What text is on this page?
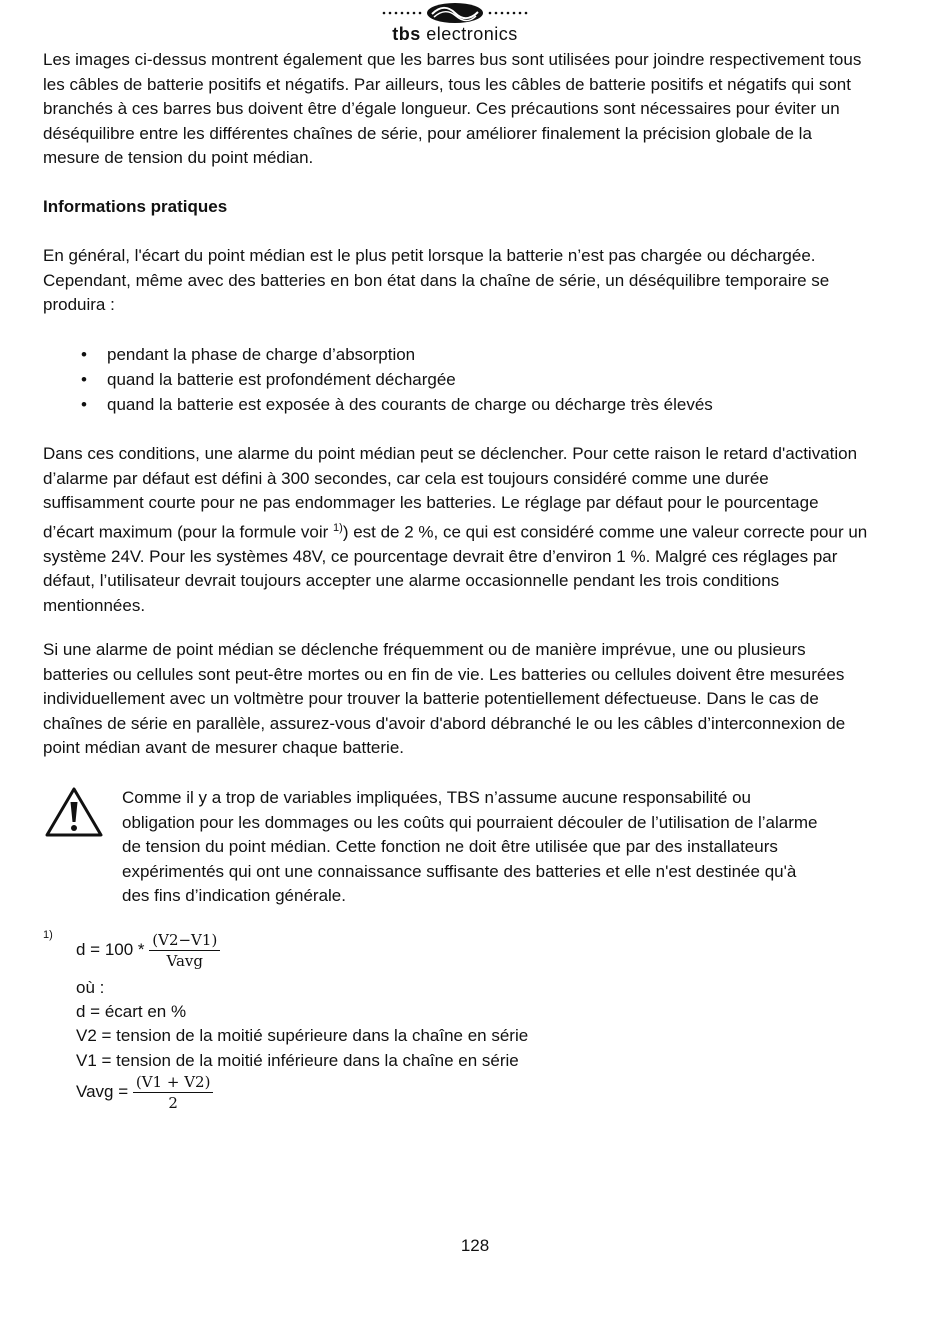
tbs electronics

Les images ci-dessus montrent également que les barres bus sont utilisées pour joindre respectivement tous les câbles de batterie positifs et négatifs. Par ailleurs, tous les câbles de batterie positifs et négatifs qui sont branchés à ces barres bus doivent être d’égale longueur. Ces précautions sont nécessaires pour éviter un déséquilibre entre les différentes chaînes de série, pour améliorer finalement la précision globale de la mesure de tension du point médian.

Informations pratiques

En général, l'écart du point médian est le plus petit lorsque la batterie n’est pas chargée ou déchargée. Cependant, même avec des batteries en bon état dans la chaîne de série, un déséquilibre temporaire se produira :

• pendant la phase de charge d’absorption
• quand la batterie est profondément déchargée
• quand la batterie est exposée à des courants de charge ou décharge très élevés

Dans ces conditions, une alarme du point médian peut se déclencher. Pour cette raison le retard d'activation d’alarme par défaut est défini à 300 secondes, car cela est toujours considéré comme une durée suffisamment courte pour ne pas endommager les batteries. Le réglage par défaut pour le pourcentage d’écart maximum (pour la formule voir $^{1)}$) est de 2 %, ce qui est considéré comme une valeur correcte pour un système 24V. Pour les systèmes 48V, ce pourcentage devrait être d’environ 1 %. Malgré ces réglages par défaut, l’utilisateur devrait toujours accepter une alarme occasionnelle pendant les trois conditions mentionnées.

Si une alarme de point médian se déclenche fréquemment ou de manière imprévue, une ou plusieurs batteries ou cellules sont peut-être mortes ou en fin de vie. Les batteries ou cellules doivent être mesurées individuellement avec un voltmètre pour trouver la batterie potentiellement défectueuse. Dans le cas de chaînes de série en parallèle, assurez-vous d'avoir d'abord débranché le ou les câbles d’interconnexion de point médian avant de mesurer chaque batterie.

Comme il y a trop de variables impliquées, TBS n’assume aucune responsabilité ou obligation pour les dommages ou les coûts qui pourraient découler de l’utilisation de l’alarme de tension du point médian. Cette fonction ne doit être utilisée que par des installateurs expérimentés qui ont une connaissance suffisante des batteries et elle n'est destinée qu'à des fins d’indication générale.

1)
$d = 100 * \frac{(V2-V1)}{\text{Vavg}}$
où :
d = écart en %
V2 = tension de la moitié supérieure dans la chaîne en série
V1 = tension de la moitié inférieure dans la chaîne en série
Vavg = $\frac{(V1 + V2)}{2}$
128
